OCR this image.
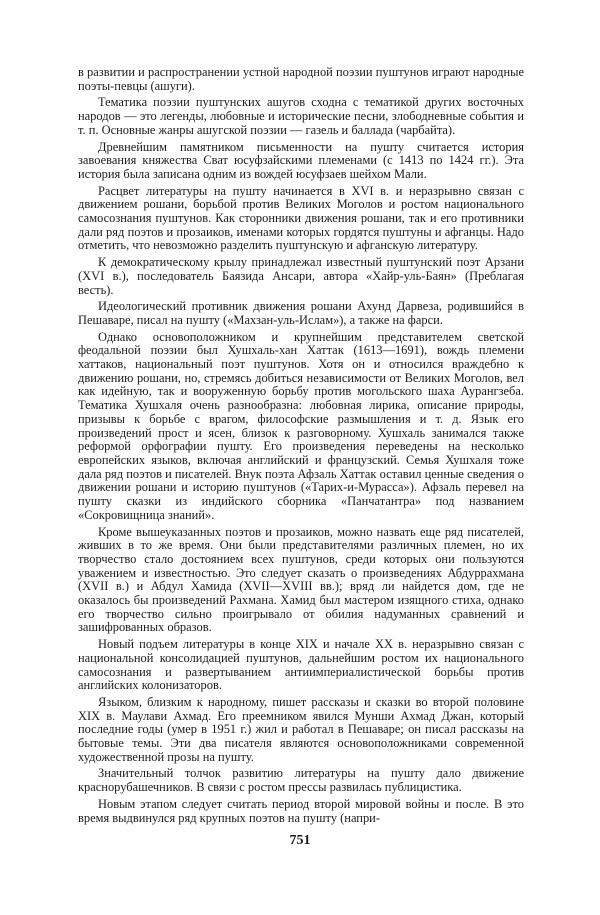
в развитии и распространении устной народной поэзии пуштунов играют народные поэты-певцы (ашуги).

Тематика поэзии пуштунских ашугов сходна с тематикой других восточных народов — это легенды, любовные и исторические песни, злободневные события и т. п. Основные жанры ашугской поэзии — газель и баллада (чарбайта).

Древнейшим памятником письменности на пушту считается история завоевания княжества Сват юсуфзайскими племенами (с 1413 по 1424 гг.). Эта история была записана одним из вождей юсуфзаев шейхом Мали.

Расцвет литературы на пушту начинается в XVI в. и неразрывно связан с движением рошани, борьбой против Великих Моголов и ростом национального самосознания пуштунов. Как сторонники движения рошани, так и его противники дали ряд поэтов и прозаиков, именами которых гордятся пуштуны и афганцы. Надо отметить, что невозможно разделить пуштунскую и афганскую литературу.

К демократическому крылу принадлежал известный пуштунский поэт Арзани (XVI в.), последователь Баязида Ансари, автора «Хайр-уль-Баян» (Преблагая весть).

Идеологический противник движения рошани Ахунд Дарвеза, родившийся в Пешаваре, писал на пушту («Махзан-уль-Ислам»), а также на фарси.

Однако основоположником и крупнейшим представителем светской феодальной поэзии был Хушхаль-хан Хаттак (1613—1691), вождь племени хаттаков, национальный поэт пуштунов. Хотя он и относился враждебно к движению рошани, но, стремясь добиться независимости от Великих Моголов, вел как идейную, так и вооруженную борьбу против могольского шаха Аурангзеба. Тематика Хушхаля очень разнообразна: любовная лирика, описание природы, призывы к борьбе с врагом, философские размышления и т. д. Язык его произведений прост и ясен, близок к разговорному. Хушхаль занимался также реформой орфографии пушту. Его произведения переведены на несколько европейских языков, включая английский и французский. Семья Хушхаля тоже дала ряд поэтов и писателей. Внук поэта Афзаль Хаттак оставил ценные сведения о движении рошани и историю пуштунов («Тарих-и-Мурасса»). Афзаль перевел на пушту сказки из индийского сборника «Панчатантра» под названием «Сокровищница знаний».

Кроме вышеуказанных поэтов и прозаиков, можно назвать еще ряд писателей, живших в то же время. Они были представителями различных племен, но их творчество стало достоянием всех пуштунов, среди которых они пользуются уважением и известностью. Это следует сказать о произведениях Абдуррахмана (XVII в.) и Абдул Хамида (XVII—XVIII вв.); вряд ли найдется дом, где не оказалось бы произведений Рахмана. Хамид был мастером изящного стиха, однако его творчество сильно проигрывало от обилия надуманных сравнений и зашифрованных образов.

Новый подъем литературы в конце XIX и начале XX в. неразрывно связан с национальной консолидацией пуштунов, дальнейшим ростом их национального самосознания и развертыванием антиимпериалистической борьбы против английских колонизаторов.

Языком, близким к народному, пишет рассказы и сказки во второй половине XIX в. Маулави Ахмад. Его преемником явился Мунши Ахмад Джан, который последние годы (умер в 1951 г.) жил и работал в Пешаваре; он писал рассказы на бытовые темы. Эти два писателя являются основоположниками современной художественной прозы на пушту.

Значительный толчок развитию литературы на пушту дало движение краснорубашечников. В связи с ростом прессы развилась публицистика.

Новым этапом следует считать период второй мировой войны и после. В это время выдвинулся ряд крупных поэтов на пушту (напри-

751
